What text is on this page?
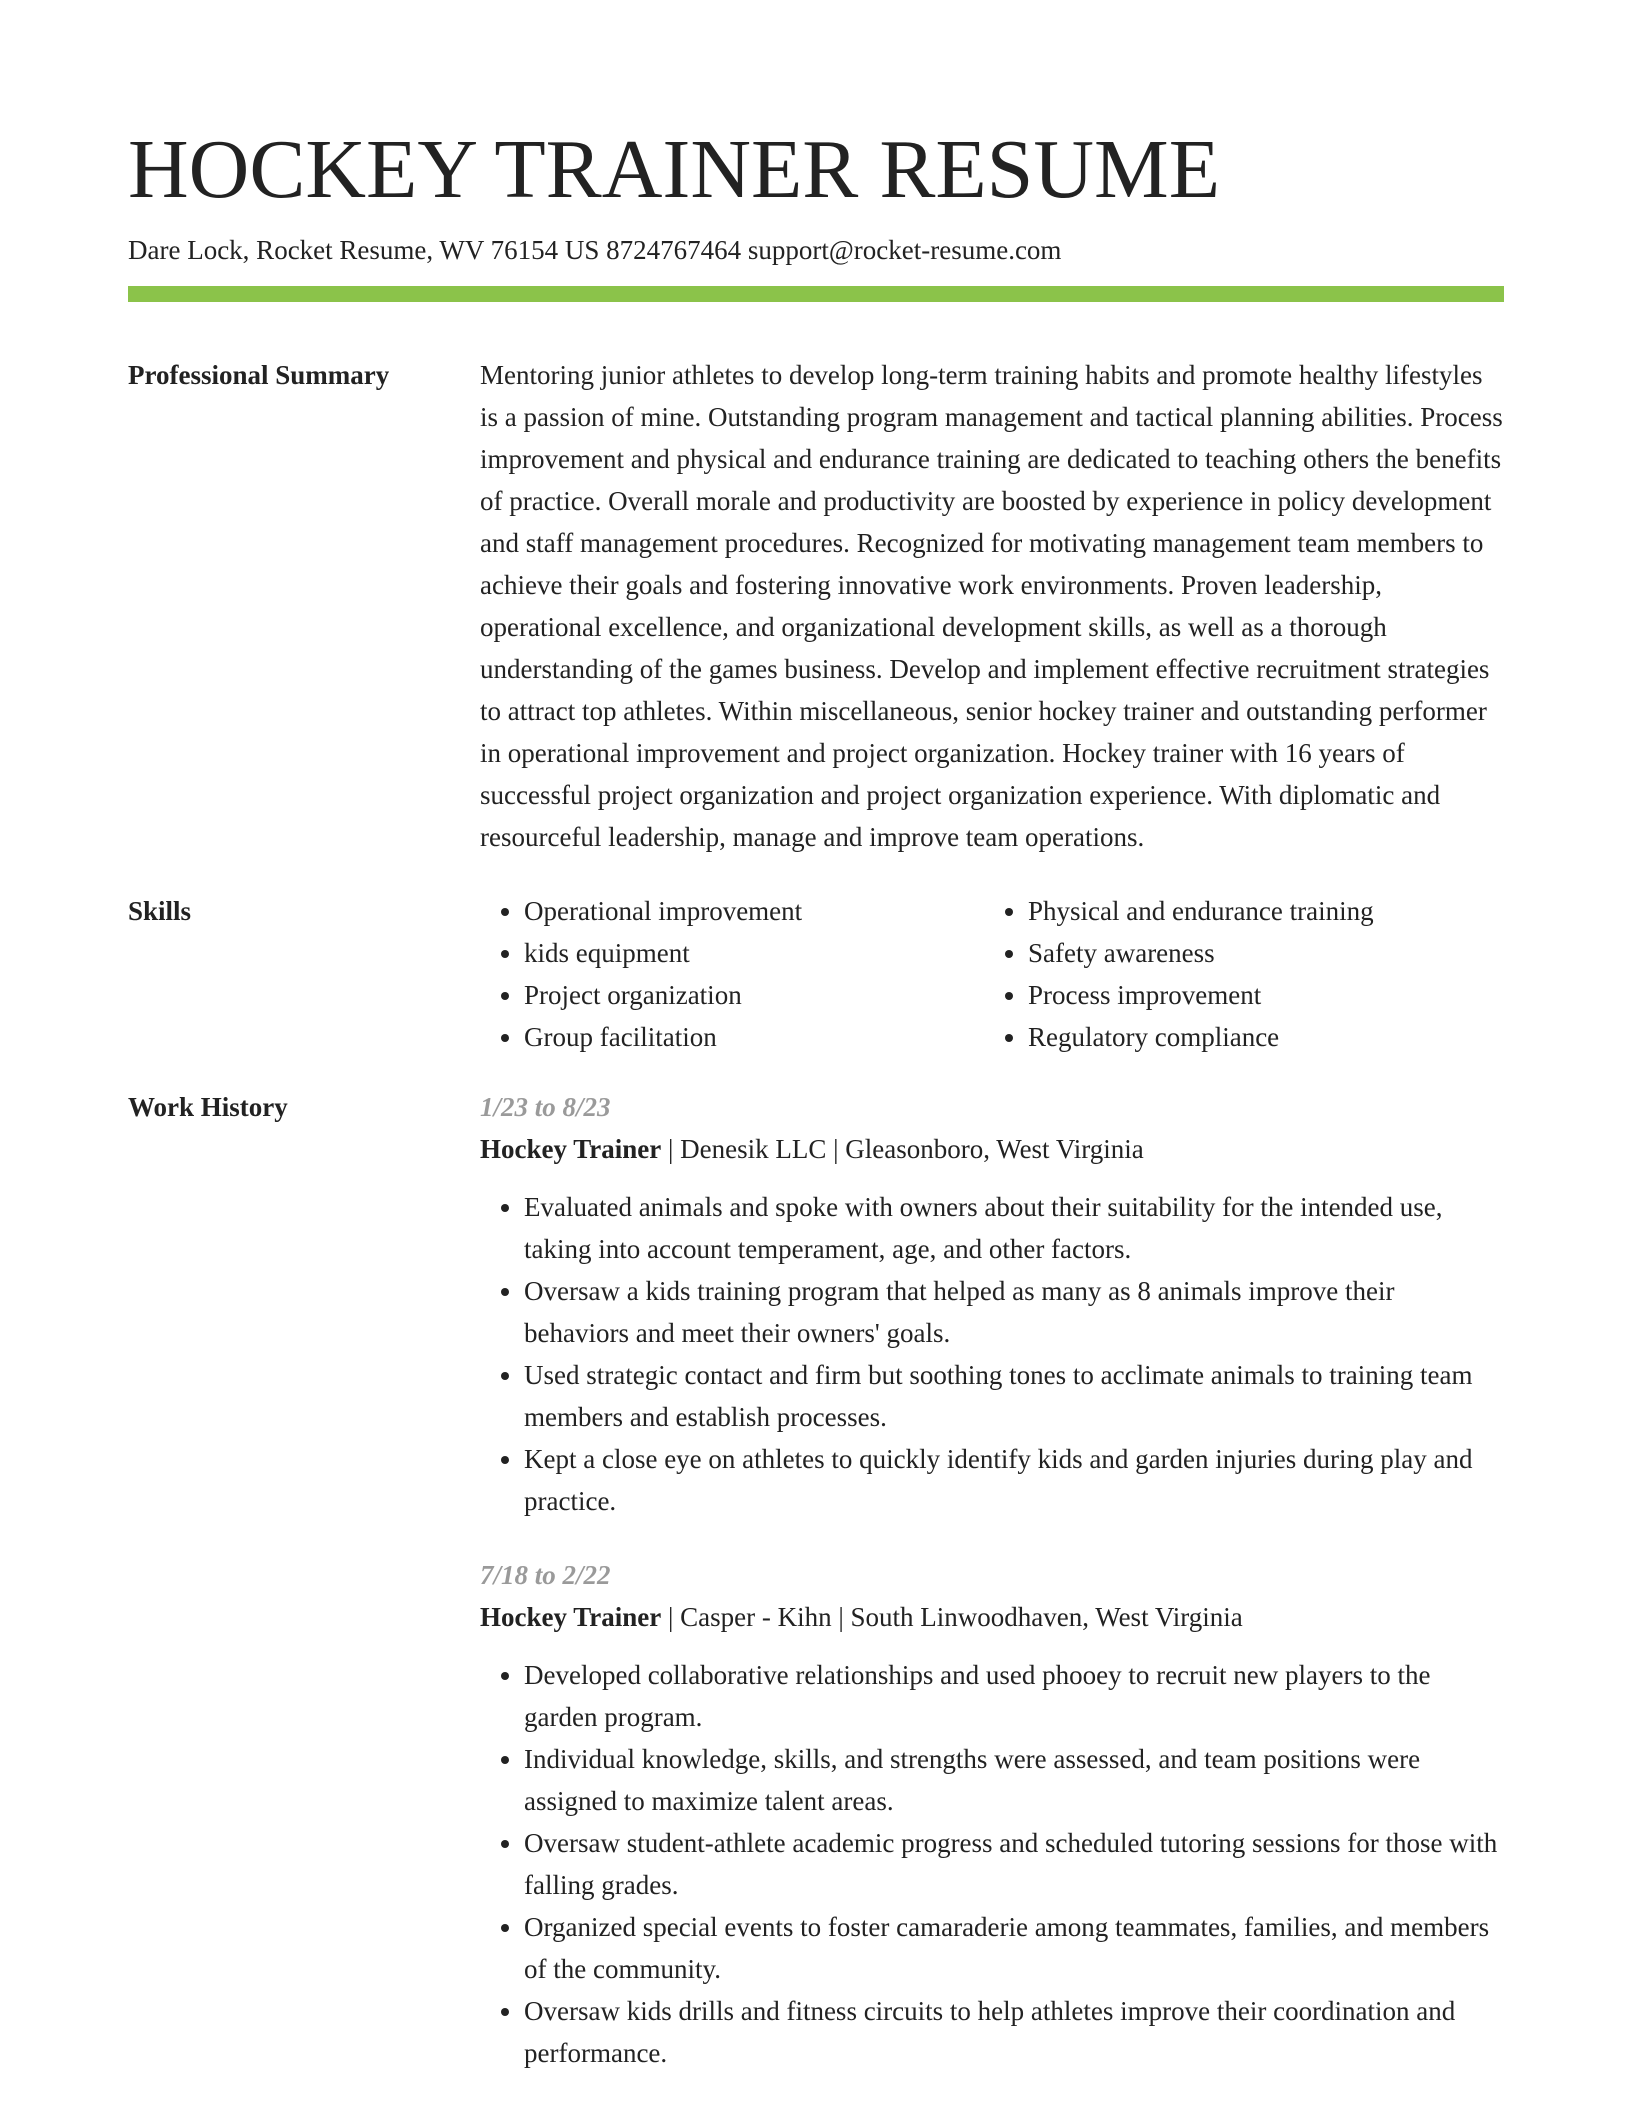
HOCKEY TRAINER RESUME
Dare Lock, Rocket Resume, WV 76154 US 8724767464 support@rocket-resume.com
Professional Summary	Mentoring junior athletes to develop long-term training habits and promote healthy lifestyles is a passion of mine. Outstanding program management and tactical planning abilities. Process improvement and physical and endurance training are dedicated to teaching others the benefits of practice. Overall morale and productivity are boosted by experience in policy development and staff management procedures. Recognized for motivating management team members to achieve their goals and fostering innovative work environments. Proven leadership, operational excellence, and organizational development skills, as well as a thorough understanding of the games business. Develop and implement effective recruitment strategies to attract top athletes. Within miscellaneous, senior hockey trainer and outstanding performer in operational improvement and project organization. Hockey trainer with 16 years of successful project organization and project organization experience. With diplomatic and resourceful leadership, manage and improve team operations.

Skills
•	Operational improvement
• kids equipment
• Project organization
• Group facilitation
• Physical and endurance training
• Safety awareness
• Process improvement
• Regulatory compliance
Work History	1/23 to 8/23
Hockey Trainer | Denesik LLC | Gleasonboro, West Virginia
• Evaluated animals and spoke with owners about their suitability for the intended use, taking into account temperament, age, and other factors.
• Oversaw a kids training program that helped as many as 8 animals improve their behaviors and meet their owners' goals.
• Used strategic contact and firm but soothing tones to acclimate animals to training team members and establish processes.
• Kept a close eye on athletes to quickly identify kids and garden injuries during play and practice.
7/18 to 2/22
Hockey Trainer | Casper - Kihn | South Linwoodhaven, West Virginia
• Developed collaborative relationships and used phooey to recruit new players to the garden program.
• Individual knowledge, skills, and strengths were assessed, and team positions were assigned to maximize talent areas.
• Oversaw student-athlete academic progress and scheduled tutoring sessions for those with falling grades.
• Organized special events to foster camaraderie among teammates, families, and members of the community.
• Oversaw kids drills and fitness circuits to help athletes improve their coordination and performance.
